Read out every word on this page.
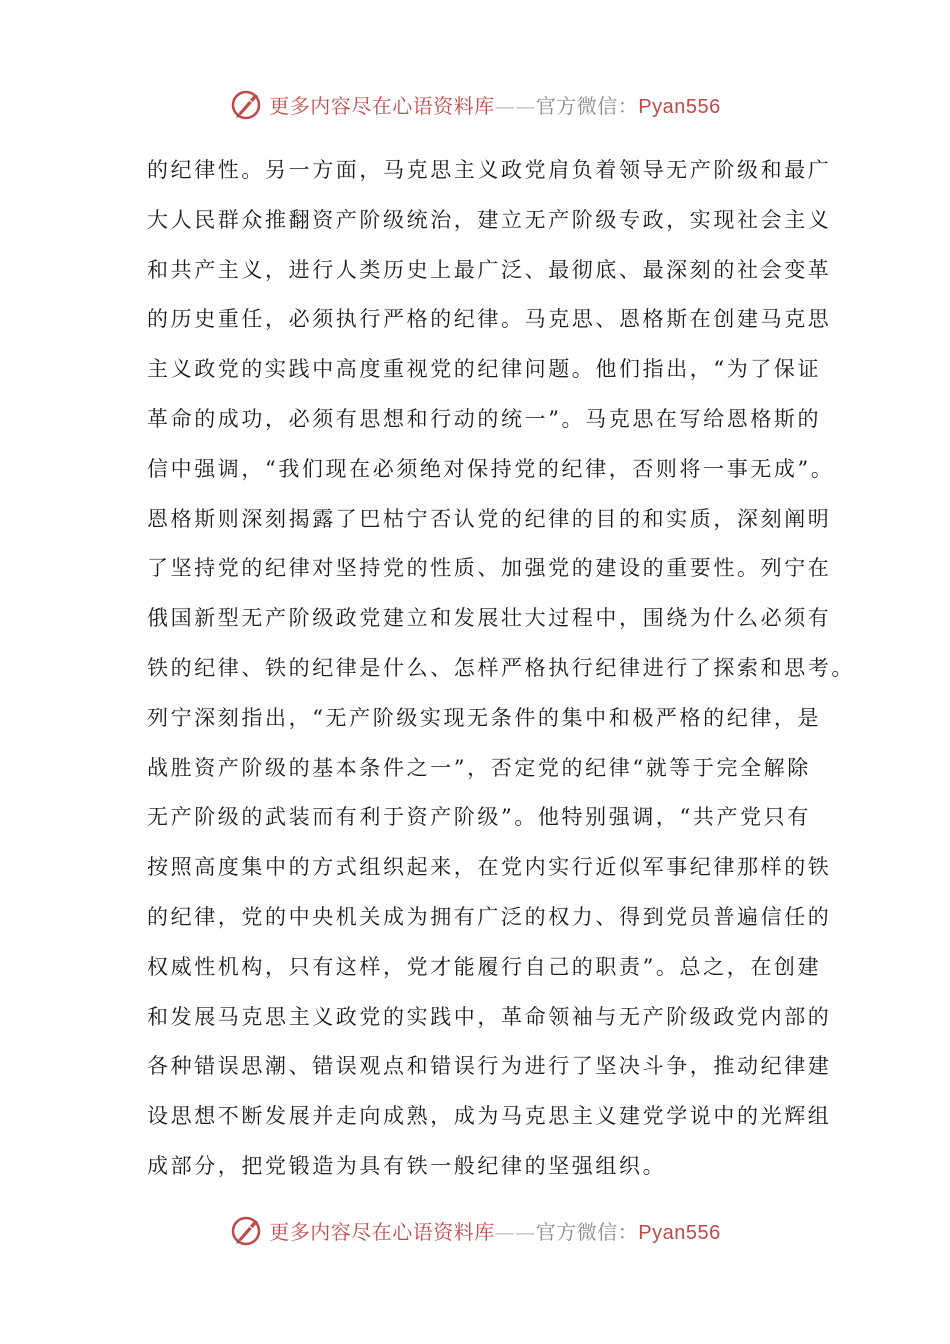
更多内容尽在心语资料库——官方微信：Pyan556
的纪律性。另一方面，马克思主义政党肩负着领导无产阶级和最广
大人民群众推翻资产阶级统治，建立无产阶级专政，实现社会主义
和共产主义，进行人类历史上最广泛、最彻底、最深刻的社会变革
的历史重任，必须执行严格的纪律。马克思、恩格斯在创建马克思
主义政党的实践中高度重视党的纪律问题。他们指出，“为了保证
革命的成功，必须有思想和行动的统一”。马克思在写给恩格斯的
信中强调，“我们现在必须绝对保持党的纪律，否则将一事无成”。
恩格斯则深刻揭露了巴枯宁否认党的纪律的目的和实质，深刻阐明
了坚持党的纪律对坚持党的性质、加强党的建设的重要性。列宁在
俄国新型无产阶级政党建立和发展壮大过程中，围绕为什么必须有
铁的纪律、铁的纪律是什么、怎样严格执行纪律进行了探索和思考。
列宁深刻指出，“无产阶级实现无条件的集中和极严格的纪律，是
战胜资产阶级的基本条件之一”，否定党的纪律“就等于完全解除
无产阶级的武装而有利于资产阶级”。他特别强调，“共产党只有
按照高度集中的方式组织起来，在党内实行近似军事纪律那样的铁
的纪律，党的中央机关成为拥有广泛的权力、得到党员普遍信任的
权威性机构，只有这样，党才能履行自己的职责”。总之，在创建
和发展马克思主义政党的实践中，革命领袖与无产阶级政党内部的
各种错误思潮、错误观点和错误行为进行了坚决斗争，推动纪律建
设思想不断发展并走向成熟，成为马克思主义建党学说中的光辉组
成部分，把党锻造为具有铁一般纪律的坚强组织。
更多内容尽在心语资料库——官方微信：Pyan556
